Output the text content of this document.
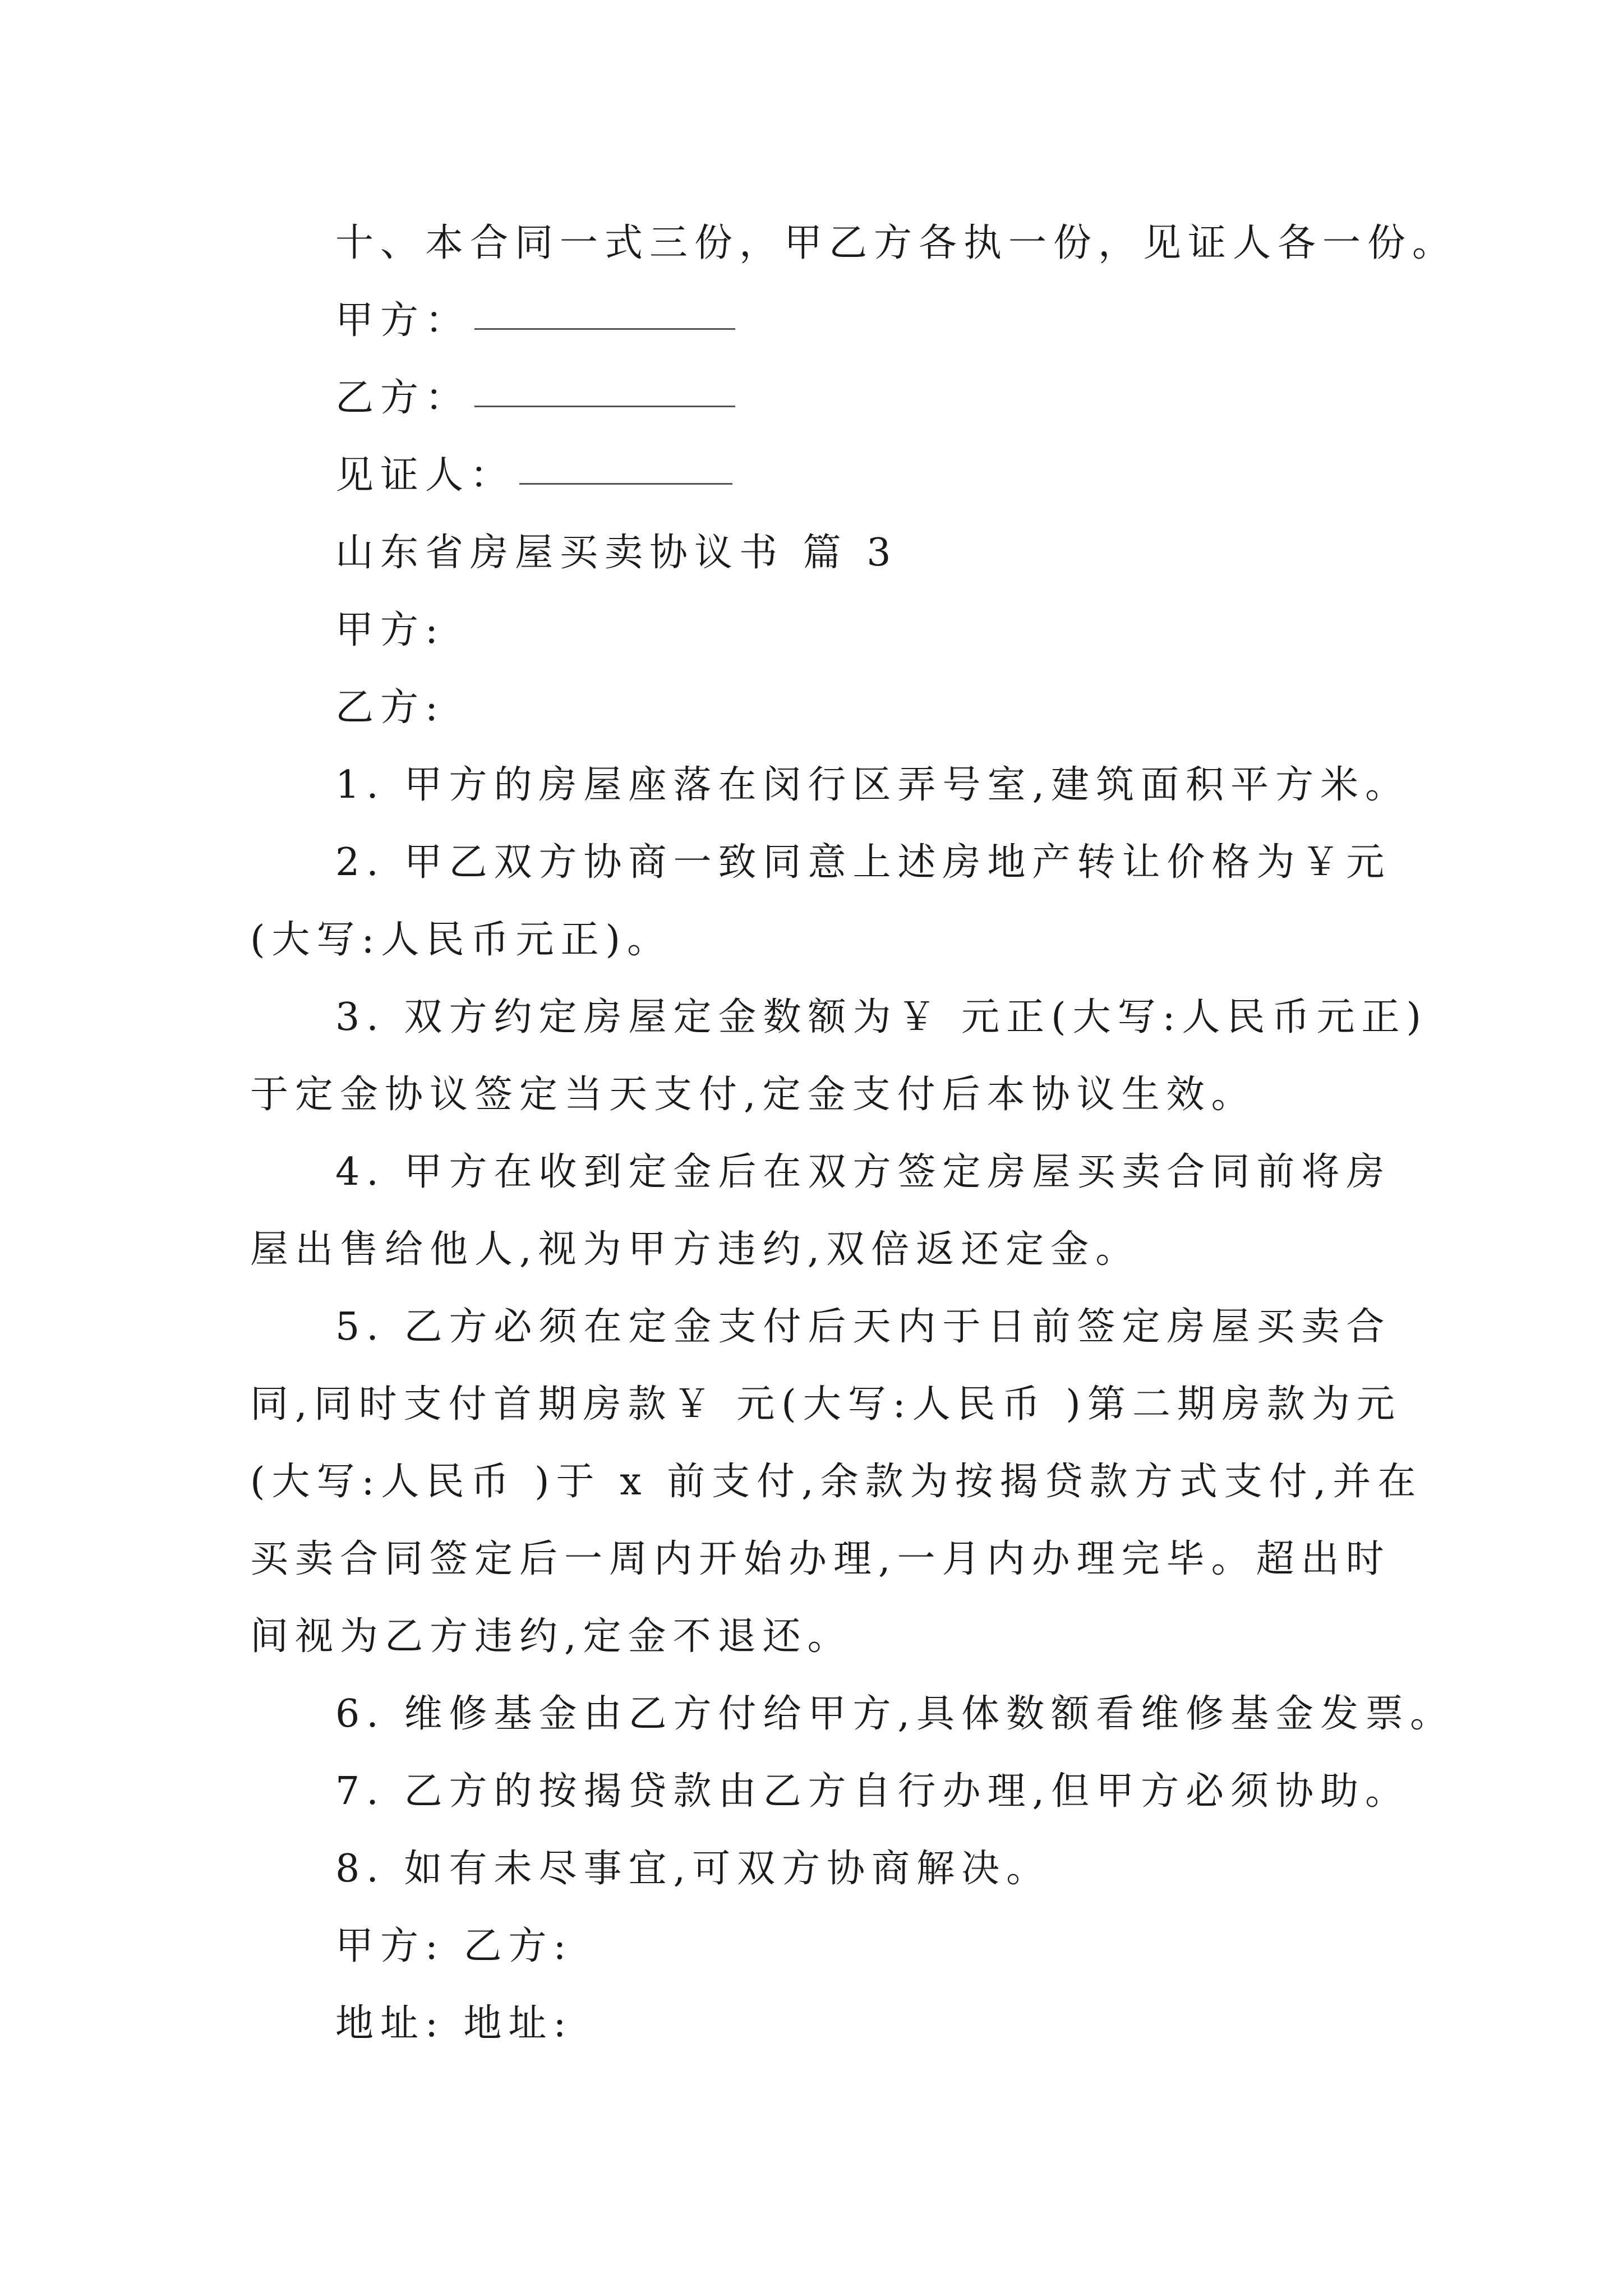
十、本合同一式三份，甲乙方各执一份，见证人各一份。
甲方：
乙方：
见证人：
山东省房屋买卖协议书 篇 3
甲方:
乙方:
1. 甲方的房屋座落在闵行区弄号室,建筑面积平方米。
2. 甲乙双方协商一致同意上述房地产转让价格为￥元
(大写:人民币元正)。
3. 双方约定房屋定金数额为￥ 元正(大写:人民币元正)
于定金协议签定当天支付,定金支付后本协议生效。
4. 甲方在收到定金后在双方签定房屋买卖合同前将房
屋出售给他人,视为甲方违约,双倍返还定金。
5. 乙方必须在定金支付后天内于日前签定房屋买卖合
同,同时支付首期房款￥ 元(大写:人民币 )第二期房款为元
(大写:人民币 )于 x 前支付,余款为按揭贷款方式支付,并在
买卖合同签定后一周内开始办理,一月内办理完毕。超出时
间视为乙方违约,定金不退还。
6. 维修基金由乙方付给甲方,具体数额看维修基金发票。
7. 乙方的按揭贷款由乙方自行办理,但甲方必须协助。
8. 如有未尽事宜,可双方协商解决。
甲方: 乙方:
地址: 地址:
